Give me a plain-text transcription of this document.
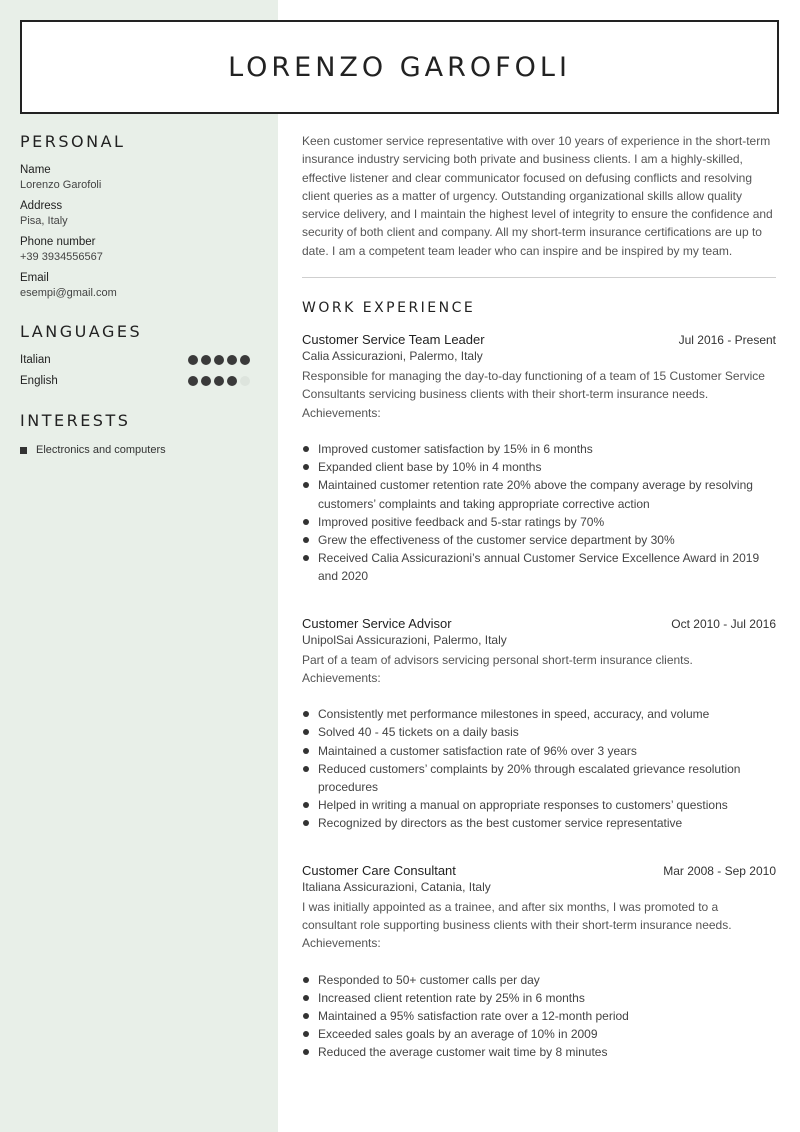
LORENZO GAROFOLI
PERSONAL
Name
Lorenzo Garofoli
Address
Pisa, Italy
Phone number
+39 3934556567
Email
esempi@gmail.com
LANGUAGES
Italian
English
INTERESTS
Electronics and computers

Keen customer service representative with over 10 years of experience in the short-term insurance industry servicing both private and business clients. I am a highly-skilled, effective listener and clear communicator focused on defusing conflicts and resolving client queries as a matter of urgency. Outstanding organizational skills allow quality service delivery, and I maintain the highest level of integrity to ensure the confidence and security of both client and company. All my short-term insurance certifications are up to date. I am a competent team leader who can inspire and be inspired by my team.

WORK EXPERIENCE
Customer Service Team Leader	Jul 2016 - Present
Calia Assicurazioni, Palermo, Italy

Responsible for managing the day-to-day functioning of a team of 15 Customer Service Consultants servicing business clients with their short-term insurance needs.
Achievements:

Improved customer satisfaction by 15% in 6 months
Expanded client base by 10% in 4 months
Maintained customer retention rate 20% above the company average by resolving customers’ complaints and taking appropriate corrective action
Improved positive feedback and 5-star ratings by 70%
Grew the effectiveness of the customer service department by 30%
Received Calia Assicurazioni’s annual Customer Service Excellence Award in 2019 and 2020
Customer Service Advisor	Oct 2010 - Jul 2016
UnipolSai Assicurazioni, Palermo, Italy

Part of a team of advisors servicing personal short-term insurance clients.
Achievements:

Consistently met performance milestones in speed, accuracy, and volume
Solved 40 - 45 tickets on a daily basis
Maintained a customer satisfaction rate of 96% over 3 years
Reduced customers’ complaints by 20% through escalated grievance resolution procedures
Helped in writing a manual on appropriate responses to customers’ questions
Recognized by directors as the best customer service representative
Customer Care Consultant	Mar 2008 - Sep 2010
Italiana Assicurazioni, Catania, Italy

I was initially appointed as a trainee, and after six months, I was promoted to a consultant role supporting business clients with their short-term insurance needs.
Achievements:

Responded to 50+ customer calls per day
Increased client retention rate by 25% in 6 months
Maintained a 95% satisfaction rate over a 12-month period
Exceeded sales goals by an average of 10% in 2009
Reduced the average customer wait time by 8 minutes
